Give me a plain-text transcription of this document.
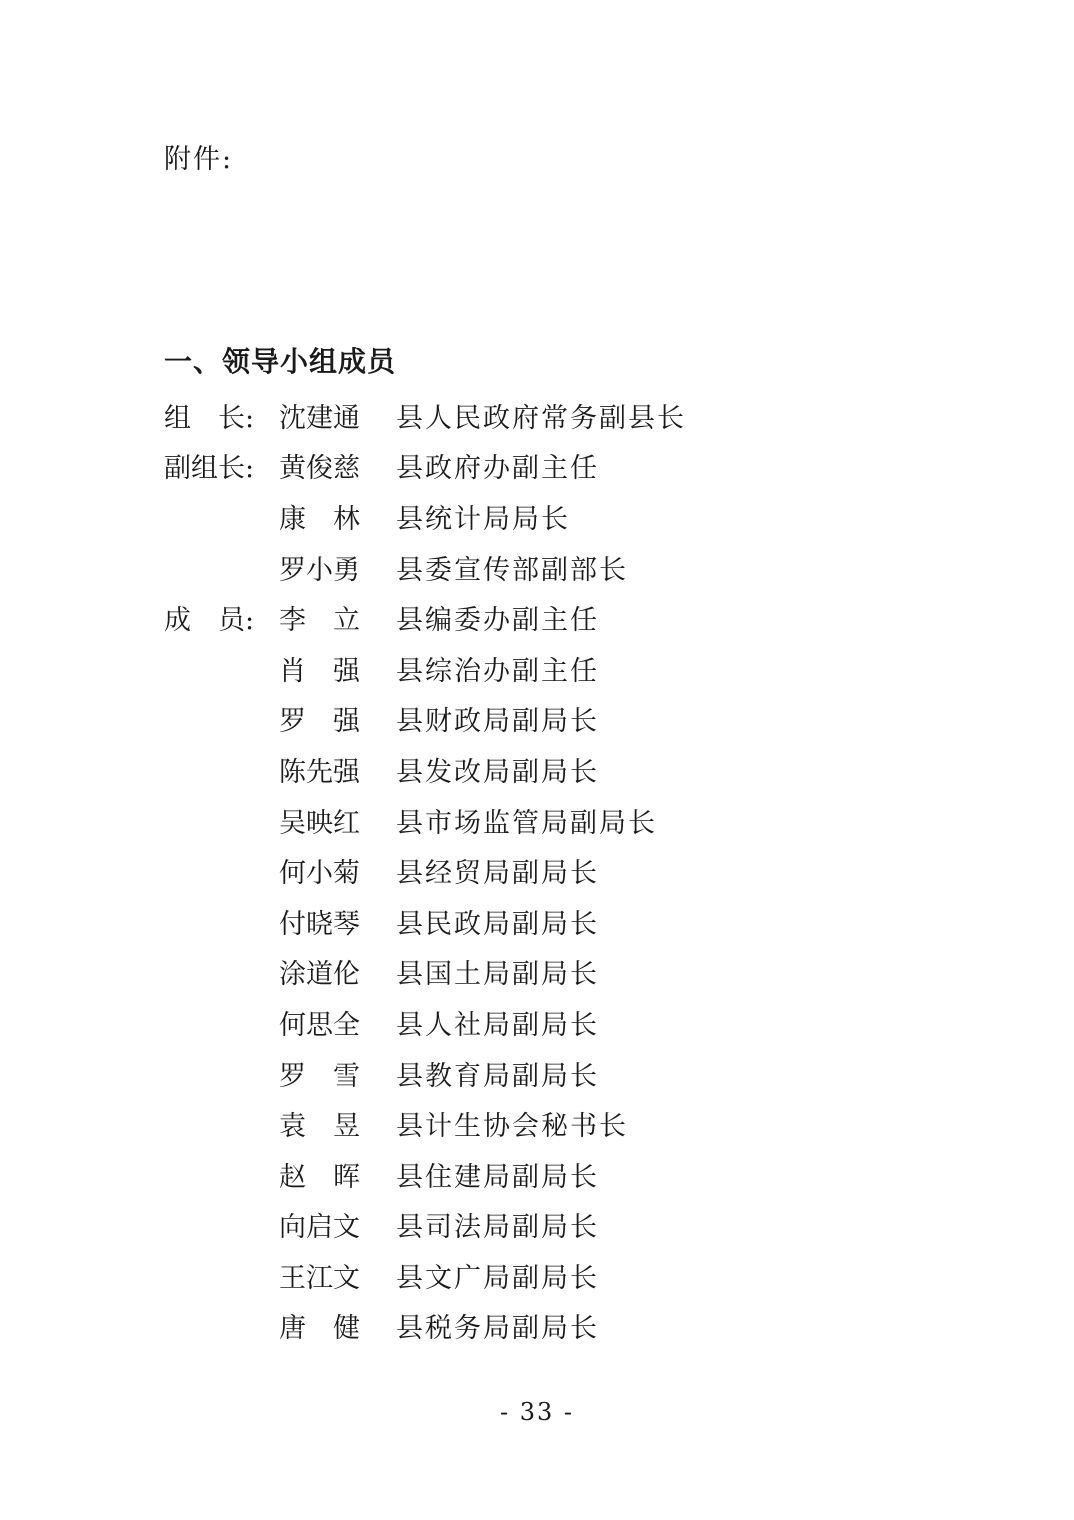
附件:
一、领导小组成员
组　长: 沈建通	县人民政府常务副县长
副组长: 黄俊慈	县政府办副主任
康　林	县统计局局长
罗小勇	县委宣传部副部长
成　员: 李　立	县编委办副主任
肖　强	县综治办副主任
罗　强	县财政局副局长
陈先强	县发改局副局长
吴映红	县市场监管局副局长
何小菊	县经贸局副局长
付晓琴	县民政局副局长
涂道伦	县国土局副局长
何思全	县人社局副局长
罗　雪	县教育局副局长
袁　昱	县计生协会秘书长
赵　晖	县住建局副局长
向启文	县司法局副局长
王江文	县文广局副局长
唐　健	县税务局副局长
- 33 -
